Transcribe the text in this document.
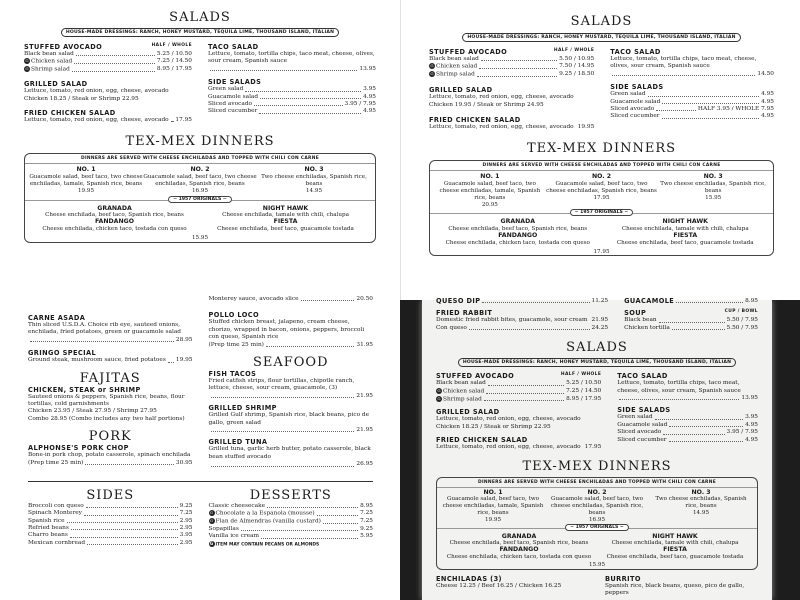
SALADS
HOUSE-MADE DRESSINGS: RANCH, HONEY MUSTARD, TEQUILA LIME, THOUSAND ISLAND, ITALIAN
STUFFED AVOCADO	HALF / WHOLE
Black bean salad	5.25 / 10.50
G Chicken salad	7.25 / 14.50
G Shrimp salad	8.95 / 17.95
GRILLED SALAD
Lettuce, tomato, red onion, egg, cheese, avocado
Chicken 18.25 / Steak or Shrimp 22.95
FRIED CHICKEN SALAD
Lettuce, tomato, red onion, egg, cheese, avocado 17.95
TACO SALAD
Lettuce, tomato, tortilla chips, taco meat, cheese, olives, sour cream, Spanish sauce
13.95
SIDE SALADS
Green salad	3.95
Guacamole salad	4.95
Sliced avocado	3.95 / 7.95
Sliced cucumber	4.95
TEX-MEX DINNERS
DINNERS ARE SERVED WITH CHEESE ENCHILADAS AND TOPPED WITH CHILI CON CARNE
NO. 1
Guacamole salad, beef taco, two cheese enchiladas, tamale, Spanish rice, beans
19.95
NO. 2
Guacamole salad, beef taco, two cheese enchiladas, Spanish rice, beans
16.95
NO. 3
Two cheese enchiladas, Spanish rice, beans
14.95
~ 1957 ORIGINALS ~
GRANADA
Cheese enchilada, beef taco, Spanish rice, beans
FANDANGO
Cheese enchilada, chicken taco, tostada con queso
NIGHT HAWK
Cheese enchilada, tamale with chili, chalupa
FIESTA
Cheese enchilada, beef taco, guacamole tostada
15.95
SALADS
HOUSE-MADE DRESSINGS: RANCH, HONEY MUSTARD, TEQUILA LIME, THOUSAND ISLAND, ITALIAN
STUFFED AVOCADO	HALF / WHOLE
Black bean salad	5.50 / 10.95
G Chicken salad	7.50 / 14.95
G Shrimp salad	9.25 / 18.50
GRILLED SALAD
Lettuce, tomato, red onion, egg, cheese, avocado
Chicken 19.95 / Steak or Shrimp 24.95
FRIED CHICKEN SALAD
Lettuce, tomato, red onion, egg, cheese, avocado 19.95
TACO SALAD
Lettuce, tomato, tortilla chips, taco meat, cheese, olives, sour cream, Spanish sauce
14.50
SIDE SALADS
Green salad	4.95
Guacamole salad	4.95
Sliced avocado	HALF 3.95 / WHOLE 7.95
Sliced cucumber	4.95
TEX-MEX DINNERS
DINNERS ARE SERVED WITH CHEESE ENCHILADAS AND TOPPED WITH CHILI CON CARNE
NO. 1
Guacamole salad, beef taco, two cheese enchiladas, tamale, Spanish rice, beans
20.95
NO. 2
Guacamole salad, beef taco, two cheese enchiladas, Spanish rice, beans
17.95
NO. 3
Two cheese enchiladas, Spanish rice, beans
15.95
~ 1957 ORIGINALS ~
GRANADA
Cheese enchilada, beef taco, Spanish rice, beans
FANDANGO
Cheese enchilada, chicken taco, tostada con queso
NIGHT HAWK
Cheese enchilada, tamale with chili, chalupa
FIESTA
Cheese enchilada, beef taco, guacamole tostada
17.95
CARNE ASADA
Thin sliced U.S.D.A. Choice rib eye, sauteed onions, enchilada, fried potatoes, green or guacamole salad
28.95
GRINGO SPECIAL
Ground steak, mushroom sauce, fried potatoes 19.95
FAJITAS
CHICKEN, STEAK or SHRIMP
Sauteed onions & peppers, Spanish rice, beans, flour tortillas, cold garnishments
Chicken 23.95 / Steak 27.95 / Shrimp 27.95
Combo 28.95 (Combo includes any two half portions)
PORK
ALPHONSE'S PORK CHOP
Bone-in pork chop, potato casserole, spinach enchilada
(Prep time 25 min)	30.95
Monterey sauce, avocado slice	20.50
POLLO LOCO
Stuffed chicken breast, jalapeno, cream cheese, chorizo, wrapped in bacon, onions, peppers, broccoli con queso, Spanish rice
(Prep time 25 min)	31.95
SEAFOOD
FISH TACOS
Fried catfish strips, flour tortillas, chipotle ranch, lettuce, cheese, sour cream, guacamole, (3)
21.95
GRILLED SHRIMP
Grilled Gulf shrimp, Spanish rice, black beans, pico de gallo, green salad
21.95
GRILLED TUNA
Grilled tuna, garlic herb butter, potato casserole, black bean stuffed avocado
26.95
SIDES
Broccoli con queso	9.25
Spinach Monterey	7.25
Spanish rice	2.95
Refried beans	2.95
Charro beans	3.95
Mexican cornbread	2.95
DESSERTS
Classic cheesecake	8.95
G Chocolate a la Espanola (mousse)	7.25
G Flan de Almendras (vanilla custard)	7.25
Sopapillas	9.25
Vanilla ice cream	5.95
G ITEM MAY CONTAIN PECANS OR ALMONDS
QUESO DIP	11.25
FRIED RABBIT
Domestic fried rabbit bites, guacamole, sour cream 21.95
Con queso	24.25
GUACAMOLE	8.95
SOUP	CUP / BOWL
Black bean	5.50 / 7.95
Chicken tortilla	5.50 / 7.95
SALADS
HOUSE-MADE DRESSINGS: RANCH, HONEY MUSTARD, TEQUILA LIME, THOUSAND ISLAND, ITALIAN
STUFFED AVOCADO	HALF / WHOLE
Black bean salad	5.25 / 10.50
G Chicken salad	7.25 / 14.50
G Shrimp salad	8.95 / 17.95
GRILLED SALAD
Lettuce, tomato, red onion, egg, cheese, avocado
Chicken 18.25 / Steak or Shrimp 22.95
FRIED CHICKEN SALAD
Lettuce, tomato, red onion, egg, cheese, avocado 17.95
TACO SALAD
Lettuce, tomato, tortilla chips, taco meat, cheese, olives, sour cream, Spanish sauce
13.95
SIDE SALADS
Green salad	3.95
Guacamole salad	4.95
Sliced avocado	3.95 / 7.95
Sliced cucumber	4.95
TEX-MEX DINNERS
DINNERS ARE SERVED WITH CHEESE ENCHILADAS AND TOPPED WITH CHILI CON CARNE
NO. 1
Guacamole salad, beef taco, two cheese enchiladas, tamale, Spanish rice, beans
19.95
NO. 2
Guacamole salad, beef taco, two cheese enchiladas, Spanish rice, beans
16.95
NO. 3
Two cheese enchiladas, Spanish rice, beans
14.95
~ 1957 ORIGINALS ~
GRANADA
Cheese enchilada, beef taco, Spanish rice, beans
FANDANGO
Cheese enchilada, chicken taco, tostada con queso
NIGHT HAWK
Cheese enchilada, tamale with chili, chalupa
FIESTA
Cheese enchilada, beef taco, guacamole tostada
15.95
ENCHILADAS (3)
Cheese 12.25 / Beef 16.25 / Chicken 16.25
BURRITO
Spanish rice, black beans, queso, pico de gallo, peppers
